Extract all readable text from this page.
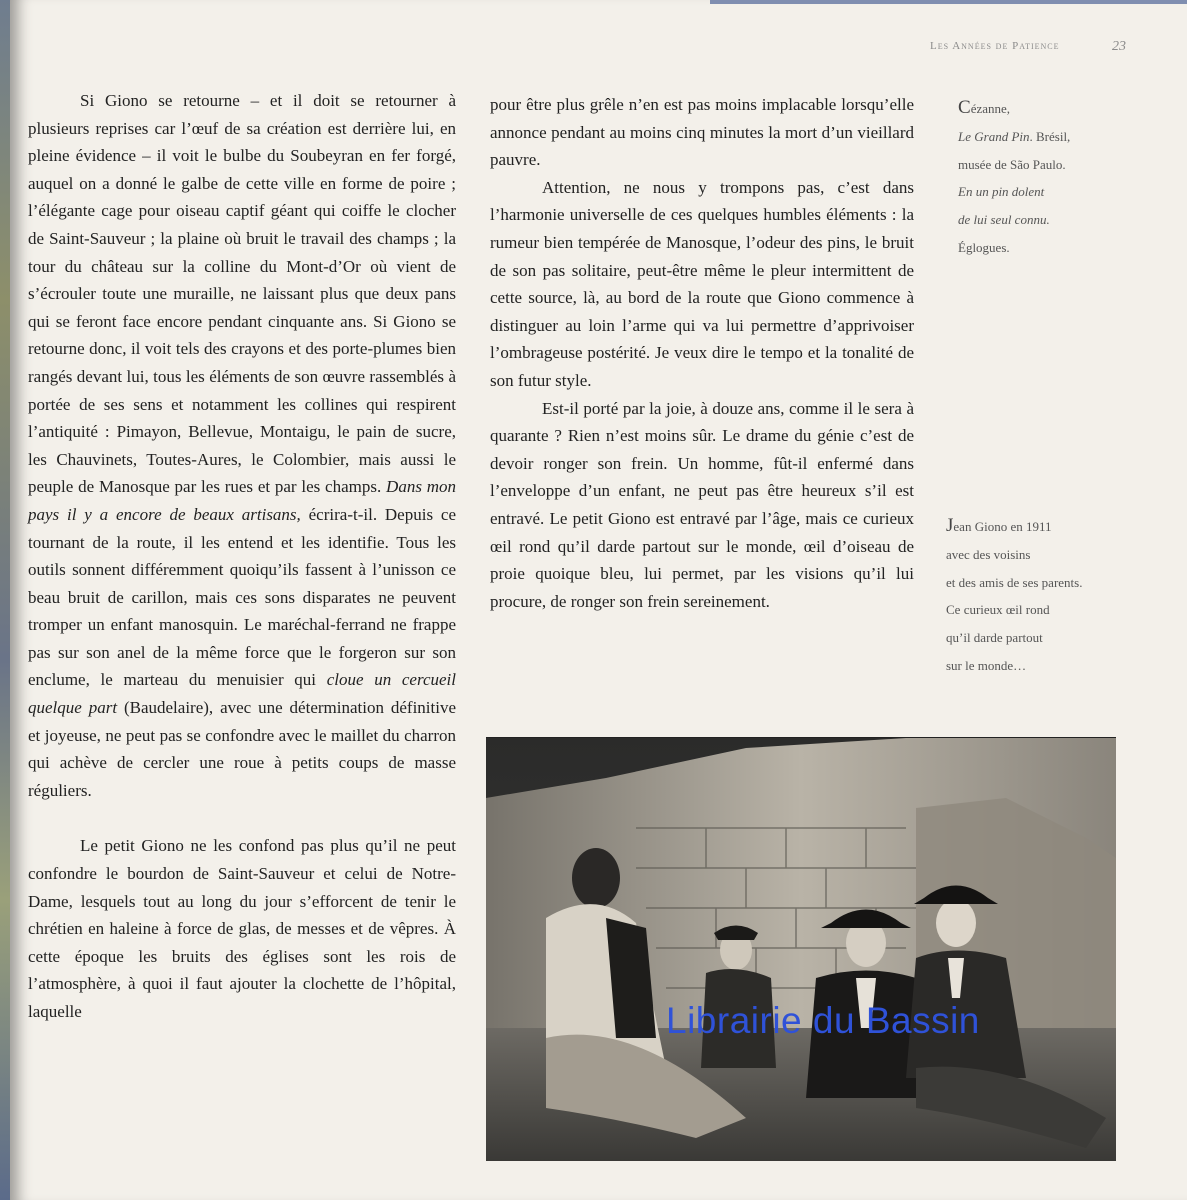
Les Années de Patience	23

Si Giono se retourne – et il doit se retourner à plusieurs reprises car l’œuf de sa création est derrière lui, en pleine évidence – il voit le bulbe du Soubeyran en fer forgé, auquel on a donné le galbe de cette ville en forme de poire ; l’élégante cage pour oiseau captif géant qui coiffe le clocher de Saint-Sauveur ; la plaine où bruit le travail des champs ; la tour du château sur la colline du Mont-d’Or où vient de s’écrouler toute une muraille, ne laissant plus que deux pans qui se feront face encore pendant cinquante ans. Si Giono se retourne donc, il voit tels des crayons et des porte-plumes bien rangés devant lui, tous les éléments de son œuvre rassemblés à portée de ses sens et notamment les collines qui respirent l’antiquité : Pimayon, Bellevue, Montaigu, le pain de sucre, les Chauvinets, Toutes-Aures, le Colombier, mais aussi le peuple de Manosque par les rues et par les champs. Dans mon pays il y a encore de beaux artisans, écrira-t-il. Depuis ce tournant de la route, il les entend et les identifie. Tous les outils sonnent différemment quoiqu’ils fassent à l’unisson ce beau bruit de carillon, mais ces sons disparates ne peuvent tromper un enfant manosquin. Le maréchal-ferrand ne frappe pas sur son anel de la même force que le forgeron sur son enclume, le marteau du menuisier qui cloue un cercueil quelque part (Baudelaire), avec une détermination définitive et joyeuse, ne peut pas se confondre avec le maillet du charron qui achève de cercler une roue à petits coups de masse réguliers.

Le petit Giono ne les confond pas plus qu’il ne peut confondre le bourdon de Saint-Sauveur et celui de Notre-Dame, lesquels tout au long du jour s’efforcent de tenir le chrétien en haleine à force de glas, de messes et de vêpres. À cette époque les bruits des églises sont les rois de l’atmosphère, à quoi il faut ajouter la clochette de l’hôpital, laquelle

pour être plus grêle n’en est pas moins implacable lorsqu’elle annonce pendant au moins cinq minutes la mort d’un vieillard pauvre.

Attention, ne nous y trompons pas, c’est dans l’harmonie universelle de ces quelques humbles éléments : la rumeur bien tempérée de Manosque, l’odeur des pins, le bruit de son pas solitaire, peut-être même le pleur intermittent de cette source, là, au bord de la route que Giono commence à distinguer au loin l’arme qui va lui permettre d’apprivoiser l’ombrageuse postérité. Je veux dire le tempo et la tonalité de son futur style.

Est-il porté par la joie, à douze ans, comme il le sera à quarante ? Rien n’est moins sûr. Le drame du génie c’est de devoir ronger son frein. Un homme, fût-il enfermé dans l’enveloppe d’un enfant, ne peut pas être heureux s’il est entravé. Le petit Giono est entravé par l’âge, mais ce curieux œil rond qu’il darde partout sur le monde, œil d’oiseau de proie quoique bleu, lui permet, par les visions qu’il lui procure, de ronger son frein sereinement.

Cézanne,
Le Grand Pin. Brésil,
musée de São Paulo.
En un pin dolent
de lui seul connu.
Églogues.
Jean Giono en 1911
avec des voisins
et des amis de ses parents.
Ce curieux œil rond
qu’il darde partout
sur le monde…
Librairie du Bassin
